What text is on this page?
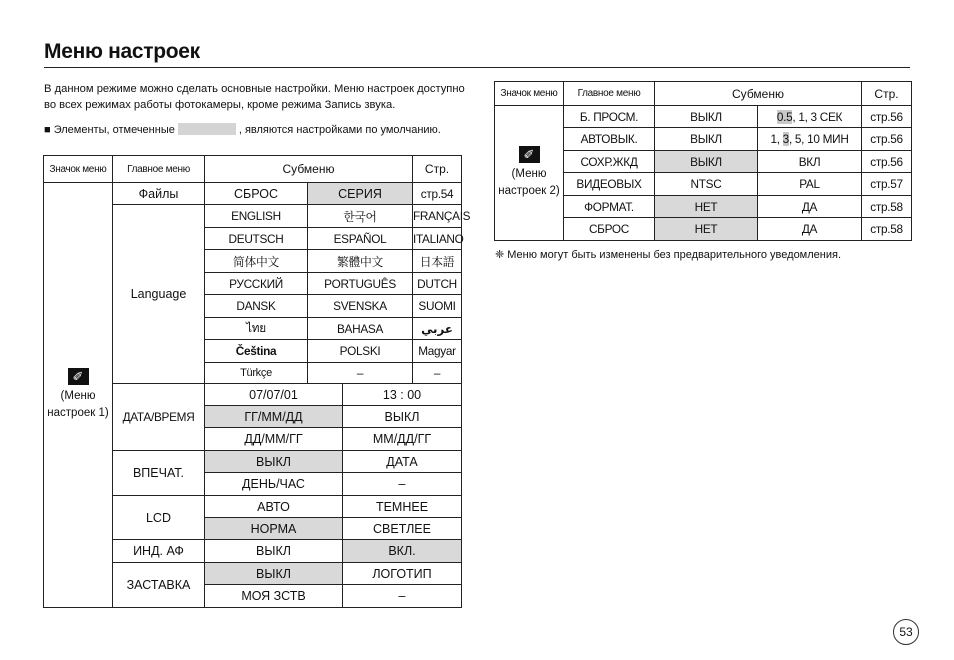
Меню настроек
В данном режиме можно сделать основные настройки. Меню настроек доступно во всех режимах работы фотокамеры, кроме режима Запись звука.
■ Элементы, отмеченные	, являются настройками по умолчанию.
Значок меню	Главное меню	Субменю			Стр.	
✐
(Меню настроек 1)	Файлы	СБРОС	СЕРИЯ		стр.54	
	Language	ENGLISH	한국어		FRANÇAIS	
		DEUTSCH	ESPAÑOL		ITALIANO	
		简体中文	繁體中文		日本語	
		РУССКИЙ	PORTUGUÊS		DUTCH	
		DANSK	SVENSKA		SUOMI	
		ไทย	BAHASA		عربي	
		Čeština	POLSKI		Magyar	
		Türkçe	–		–	
	ДАТА/ВРЕМЯ	07/07/01		13 : 00	
		ГГ/ММ/ДД		ВЫКЛ		
		ДД/ММ/ГГ		ММ/ДД/ГГ		
	ВПЕЧАТ.	ВЫКЛ		ДАТА	
		ДЕНЬ/ЧАС		–		
	LCD	АВТО		ТЕМНЕЕ	
		НОРМА		СВЕТЛЕЕ		
	ИНД. АФ	ВЫКЛ		ВКЛ.	
	ЗАСТАВКА	ВЫКЛ		ЛОГОТИП	
		МОЯ ЗСТВ		–		
Значок меню	Главное меню	Субменю		Стр.
✐
(Меню настроек 2)	Б. ПРОСМ.	ВЫКЛ	0.5, 1, 3 СЕК	стр.56
	АВТОВЫК.	ВЫКЛ	1, 3, 5, 10 МИН	стр.56
	СОХР.ЖКД	ВЫКЛ	ВКЛ	стр.56
	ВИДЕОВЫХ	NTSC	PAL	стр.57
	ФОРМАТ.	НЕТ	ДА	стр.58
	СБРОС	НЕТ	ДА	стр.58
❈ Меню могут быть изменены без предварительного уведомления.
53
